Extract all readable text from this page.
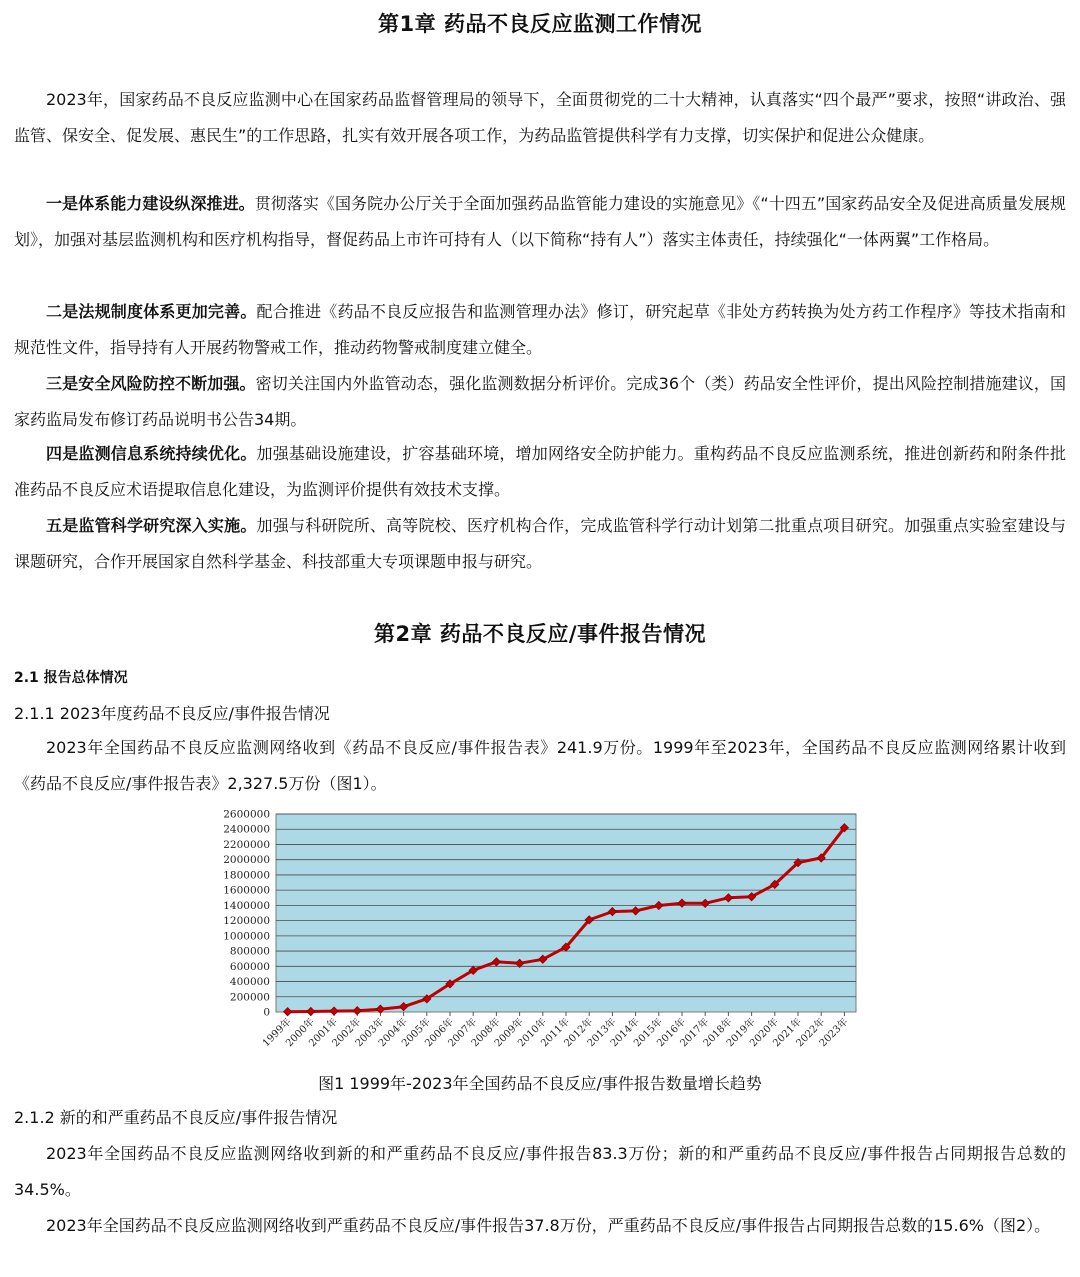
第1章 药品不良反应监测工作情况

2023年，国家药品不良反应监测中心在国家药品监督管理局的领导下，全面贯彻党的二十大精神，认真落实“四个最严”要求，按照“讲政治、强监管、保安全、促发展、惠民生”的工作思路，扎实有效开展各项工作，为药品监管提供科学有力支撑，切实保护和促进公众健康。

一是体系能力建设纵深推进。贯彻落实《国务院办公厅关于全面加强药品监管能力建设的实施意见》《“十四五”国家药品安全及促进高质量发展规划》，加强对基层监测机构和医疗机构指导，督促药品上市许可持有人（以下简称“持有人”）落实主体责任，持续强化“一体两翼”工作格局。

二是法规制度体系更加完善。配合推进《药品不良反应报告和监测管理办法》修订，研究起草《非处方药转换为处方药工作程序》等技术指南和规范性文件，指导持有人开展药物警戒工作，推动药物警戒制度建立健全。

三是安全风险防控不断加强。密切关注国内外监管动态，强化监测数据分析评价。完成36个（类）药品安全性评价，提出风险控制措施建议，国家药监局发布修订药品说明书公告34期。

四是监测信息系统持续优化。加强基础设施建设，扩容基础环境，增加网络安全防护能力。重构药品不良反应监测系统，推进创新药和附条件批准药品不良反应术语提取信息化建设，为监测评价提供有效技术支撑。

五是监管科学研究深入实施。加强与科研院所、高等院校、医疗机构合作，完成监管科学行动计划第二批重点项目研究。加强重点实验室建设与课题研究，合作开展国家自然科学基金、科技部重大专项课题申报与研究。

第2章 药品不良反应/事件报告情况
2.1 报告总体情况
2.1.1 2023年度药品不良反应/事件报告情况

2023年全国药品不良反应监测网络收到《药品不良反应/事件报告表》241.9万份。1999年至2023年，全国药品不良反应监测网络累计收到《药品不良反应/事件报告表》2,327.5万份（图1）。

0
200000
400000
600000
800000
1000000
1200000
1400000
1600000
1800000
2000000
2200000
2400000
2600000
1999年
2000年
2001年
2002年
2003年
2004年
2005年
2006年
2007年
2008年
2009年
2010年
2011年
2012年
2013年
2014年
2015年
2016年
2017年
2018年
2019年
2020年
2021年
2022年
2023年
图1 1999年-2023年全国药品不良反应/事件报告数量增长趋势
2.1.2 新的和严重药品不良反应/事件报告情况

2023年全国药品不良反应监测网络收到新的和严重药品不良反应/事件报告83.3万份；新的和严重药品不良反应/事件报告占同期报告总数的34.5%。

2023年全国药品不良反应监测网络收到严重药品不良反应/事件报告37.8万份，严重药品不良反应/事件报告占同期报告总数的15.6%（图2）。
